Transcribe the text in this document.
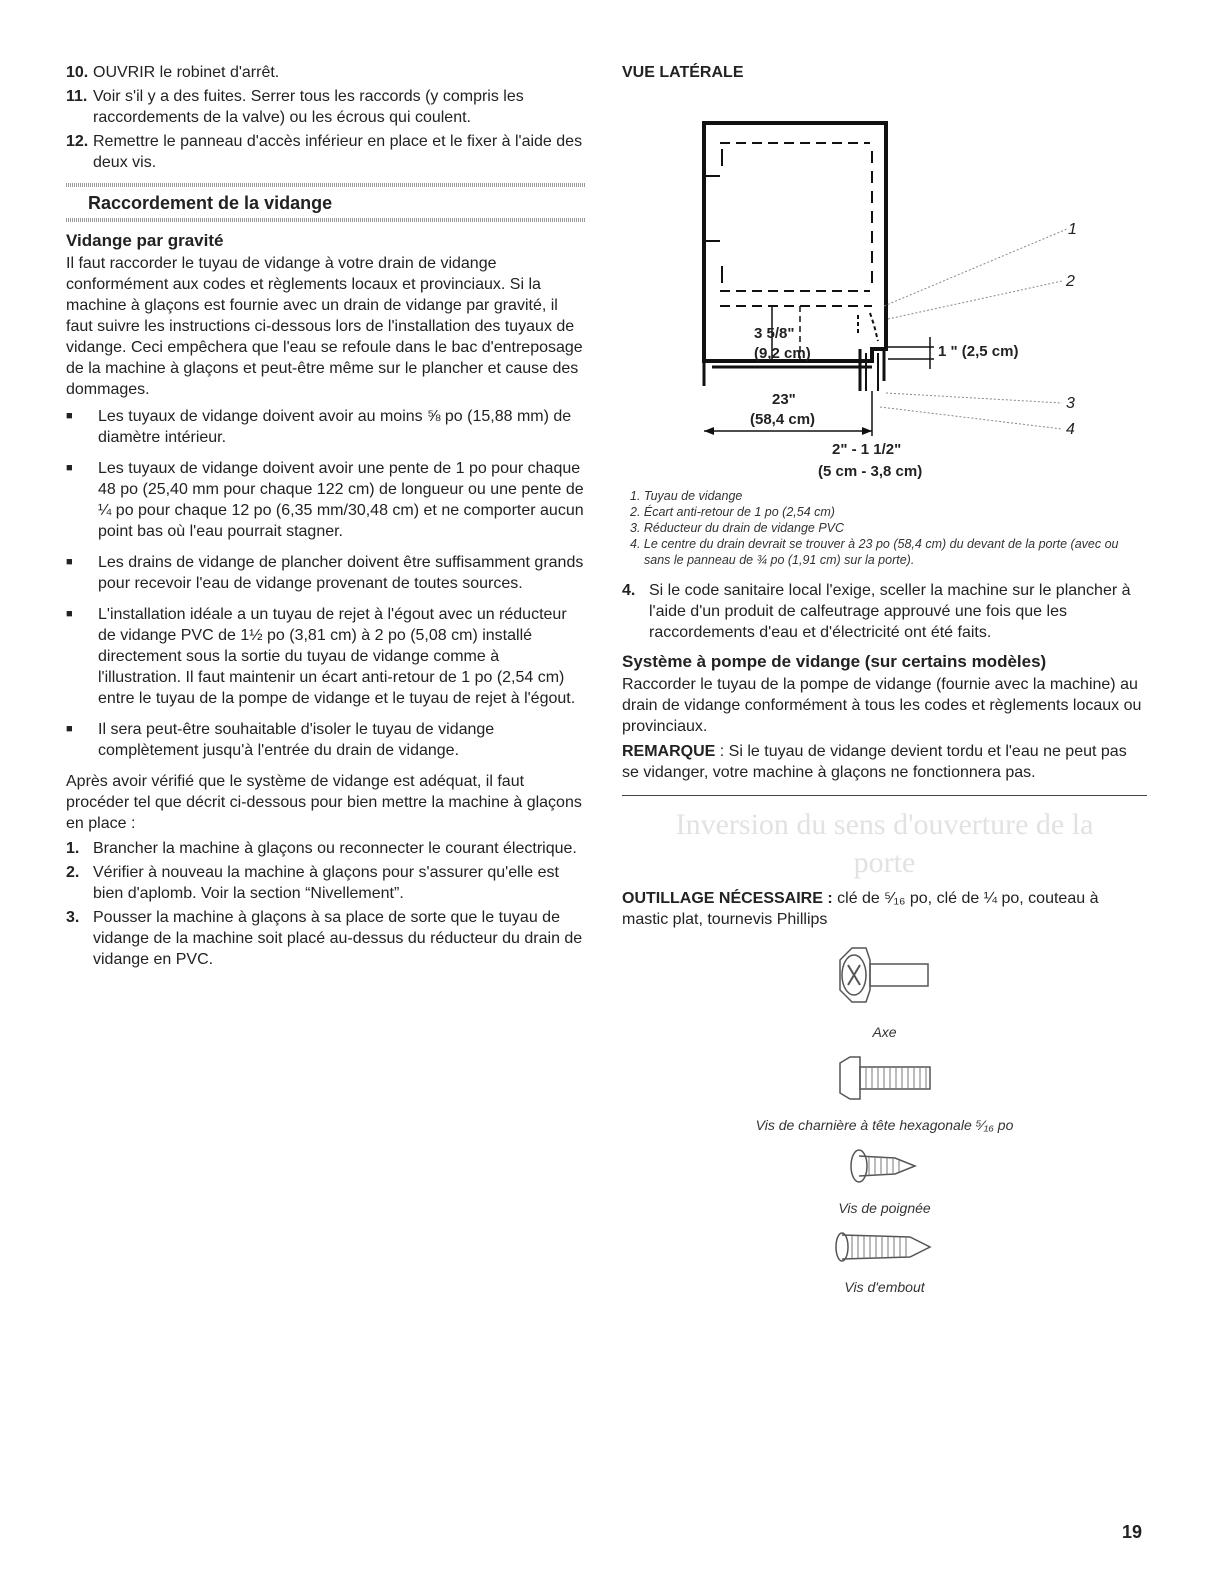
10. OUVRIR le robinet d'arrêt.
11. Voir s'il y a des fuites. Serrer tous les raccords (y compris les raccordements de la valve) ou les écrous qui coulent.
12. Remettre le panneau d'accès inférieur en place et le fixer à l'aide des deux vis.
Raccordement de la vidange
Vidange par gravité

Il faut raccorder le tuyau de vidange à votre drain de vidange conformément aux codes et règlements locaux et provinciaux. Si la machine à glaçons est fournie avec un drain de vidange par gravité, il faut suivre les instructions ci-dessous lors de l'installation des tuyaux de vidange. Ceci empêchera que l'eau se refoule dans le bac d'entreposage de la machine à glaçons et peut-être même sur le plancher et cause des dommages.

■	Les tuyaux de vidange doivent avoir au moins ⅝ po (15,88 mm) de diamètre intérieur.
■	Les tuyaux de vidange doivent avoir une pente de 1 po pour chaque 48 po (25,40 mm pour chaque 122 cm) de longueur ou une pente de ¼ po pour chaque 12 po (6,35 mm/30,48 cm) et ne comporter aucun point bas où l'eau pourrait stagner.
■	Les drains de vidange de plancher doivent être suffisamment grands pour recevoir l'eau de vidange provenant de toutes sources.
■	L'installation idéale a un tuyau de rejet à l'égout avec un réducteur de vidange PVC de 1½ po (3,81 cm) à 2 po (5,08 cm) installé directement sous la sortie du tuyau de vidange comme à l'illustration. Il faut maintenir un écart anti-retour de 1 po (2,54 cm) entre le tuyau de la pompe de vidange et le tuyau de rejet à l'égout.
■	Il sera peut-être souhaitable d'isoler le tuyau de vidange complètement jusqu'à l'entrée du drain de vidange.

Après avoir vérifié que le système de vidange est adéquat, il faut procéder tel que décrit ci-dessous pour bien mettre la machine à glaçons en place :

1. Brancher la machine à glaçons ou reconnecter le courant électrique.
2. Vérifier à nouveau la machine à glaçons pour s'assurer qu'elle est bien d'aplomb. Voir la section “Nivellement”.
3. Pousser la machine à glaçons à sa place de sorte que le tuyau de vidange de la machine soit placé au-dessus du réducteur du drain de vidange en PVC.
VUE LATÉRALE
3 5/8"
(9,2 cm)	1 " (2,5 cm)
23"
(58,4 cm)
2" - 1 1/2"
1
2
3
4
(5 cm - 3,8 cm)
1. Tuyau de vidange
2. Écart anti-retour de 1 po (2,54 cm)
3. Réducteur du drain de vidange PVC
4. Le centre du drain devrait se trouver à 23 po (58,4 cm) du devant de la porte (avec ou sans le panneau de ¾ po (1,91 cm) sur la porte).
4. Si le code sanitaire local l'exige, sceller la machine sur le plancher à l'aide d'un produit de calfeutrage approuvé une fois que les raccordements d'eau et d'électricité ont été faits.
Système à pompe de vidange (sur certains modèles)

Raccorder le tuyau de la pompe de vidange (fournie avec la machine) au drain de vidange conformément à tous les codes et règlements locaux ou provinciaux.

REMARQUE : Si le tuyau de vidange devient tordu et l'eau ne peut pas se vidanger, votre machine à glaçons ne fonctionnera pas.

Inversion du sens d'ouverture de la
porte

OUTILLAGE NÉCESSAIRE : clé de ⁵⁄₁₆ po, clé de ¼ po, couteau à mastic plat, tournevis Phillips

Axe
Vis de charnière à tête hexagonale ⁵⁄₁₆ po
Vis de poignée
Vis d'embout
19
